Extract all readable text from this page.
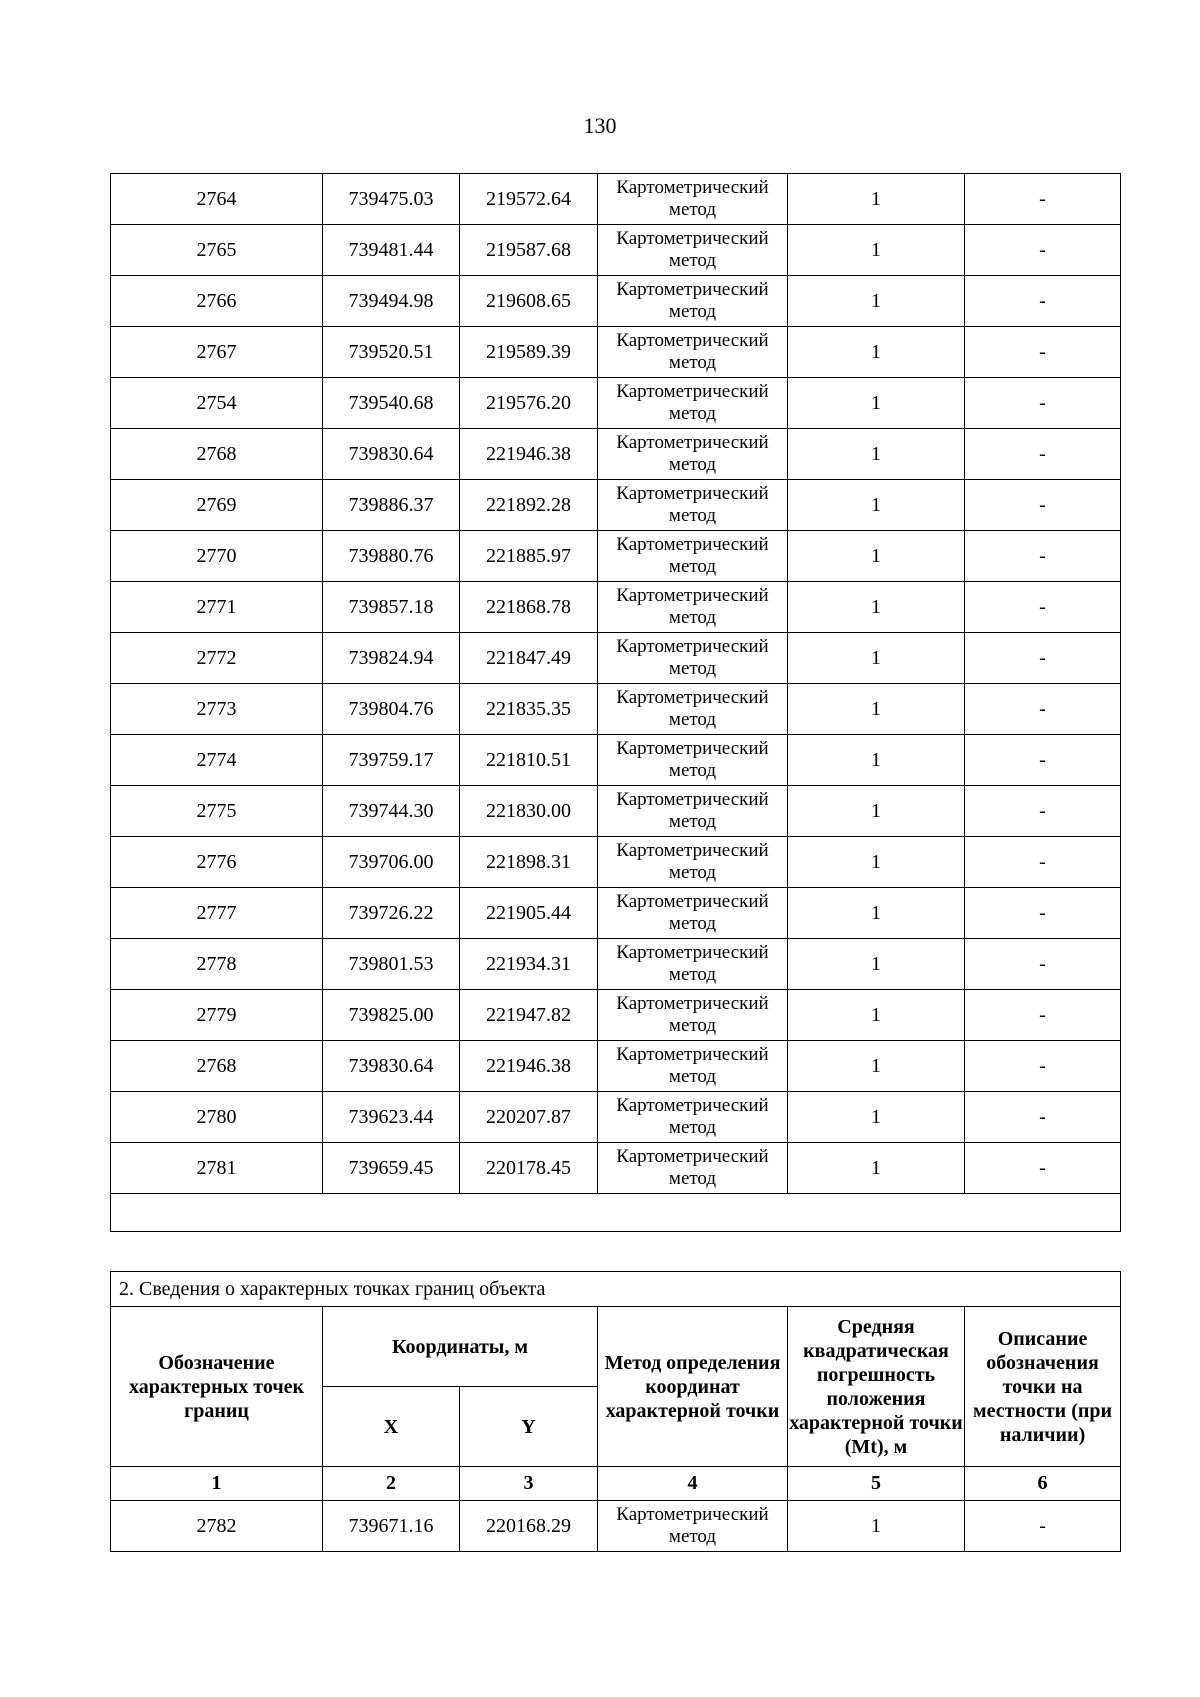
130
2764	739475.03	219572.64	Картометрический метод	1	-
2765	739481.44	219587.68	Картометрический метод	1	-
2766	739494.98	219608.65	Картометрический метод	1	-
2767	739520.51	219589.39	Картометрический метод	1	-
2754	739540.68	219576.20	Картометрический метод	1	-
2768	739830.64	221946.38	Картометрический метод	1	-
2769	739886.37	221892.28	Картометрический метод	1	-
2770	739880.76	221885.97	Картометрический метод	1	-
2771	739857.18	221868.78	Картометрический метод	1	-
2772	739824.94	221847.49	Картометрический метод	1	-
2773	739804.76	221835.35	Картометрический метод	1	-
2774	739759.17	221810.51	Картометрический метод	1	-
2775	739744.30	221830.00	Картометрический метод	1	-
2776	739706.00	221898.31	Картометрический метод	1	-
2777	739726.22	221905.44	Картометрический метод	1	-
2778	739801.53	221934.31	Картометрический метод	1	-
2779	739825.00	221947.82	Картометрический метод	1	-
2768	739830.64	221946.38	Картометрический метод	1	-
2780	739623.44	220207.87	Картометрический метод	1	-
2781	739659.45	220178.45	Картометрический метод	1	-

2. Сведения о характерных точках границ объекта					
Обозначение характерных точек границ	Координаты, м		Метод определения координат характерной точки	Средняя квадратическая погрешность положения характерной точки (Mt), м	Описание обозначения точки на местности (при наличии)
	X	Y			
1	2	3	4	5	6
2782	739671.16	220168.29	Картометрический метод	1	-
